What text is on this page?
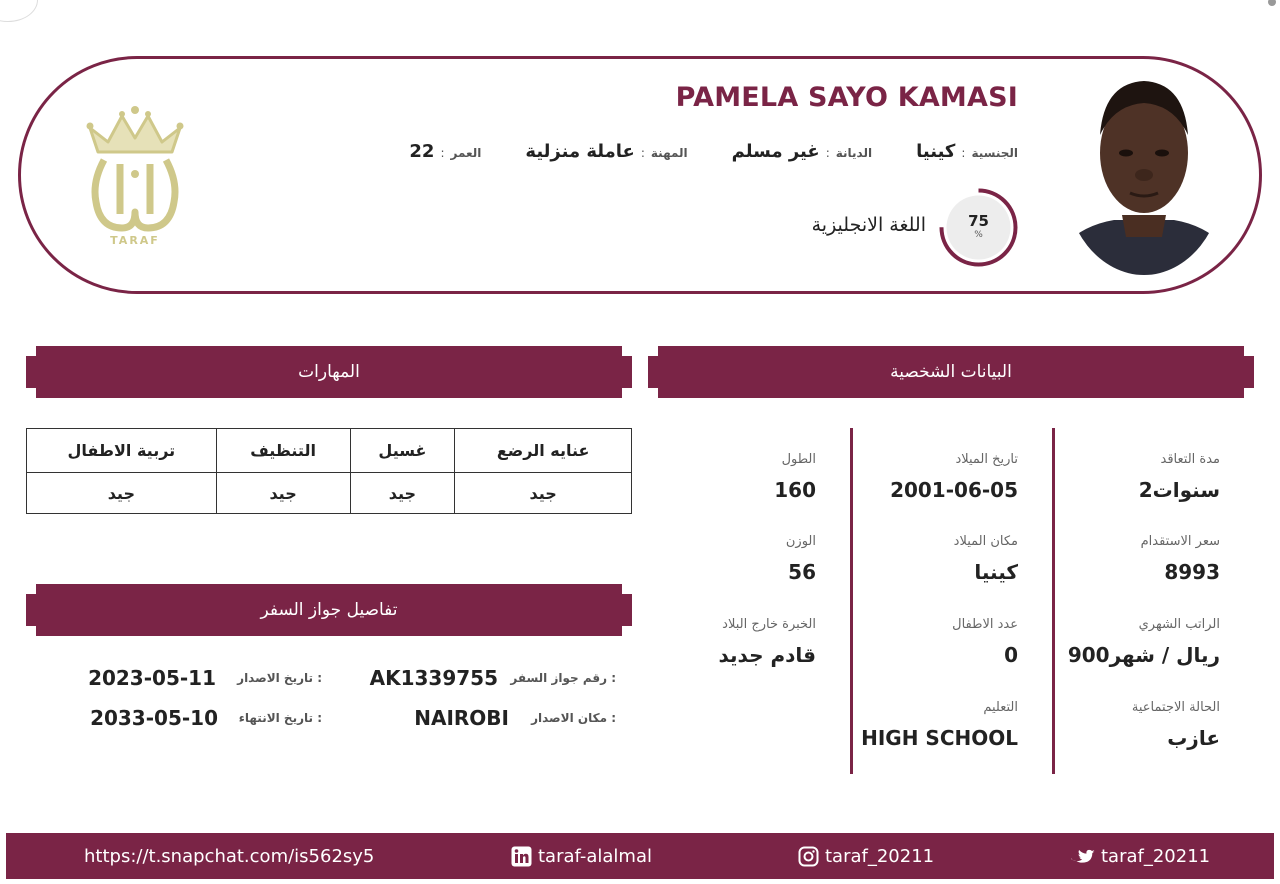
PAMELA SAYO KAMASI
الجنسية
:
كينيا
الديانة
:
غير مسلم
المهنة
:
عاملة منزلية
العمر
:
22
75
%
اللغة الانجليزية
TARAF
المهارات	البيانات الشخصية
تفاصيل جواز السفر
عنايه الرضع	غسيل	التنظيف	تربية الاطفال
جيد	جيد	جيد	جيد
رقم جواز السفر :
AK1339755
تاريخ الاصدار :
2023-05-11
مكان الاصدار :
NAIROBI
تاريخ الانتهاء :
2033-05-10
مدة التعاقد
2سنوات
سعر الاستقدام
8993
الراتب الشهري
900ريال / شهر
الحالة الاجتماعية
عازب
تاريخ الميلاد
2001-06-05
مكان الميلاد
كينيا
عدد الاطفال
0
التعليم
HIGH SCHOOL
الطول
160
الوزن
56
الخبرة خارج البلاد
قادم جديد
https://t.snapchat.com/is562sy5	taraf-alalmal	taraf_20211	taraf_20211
